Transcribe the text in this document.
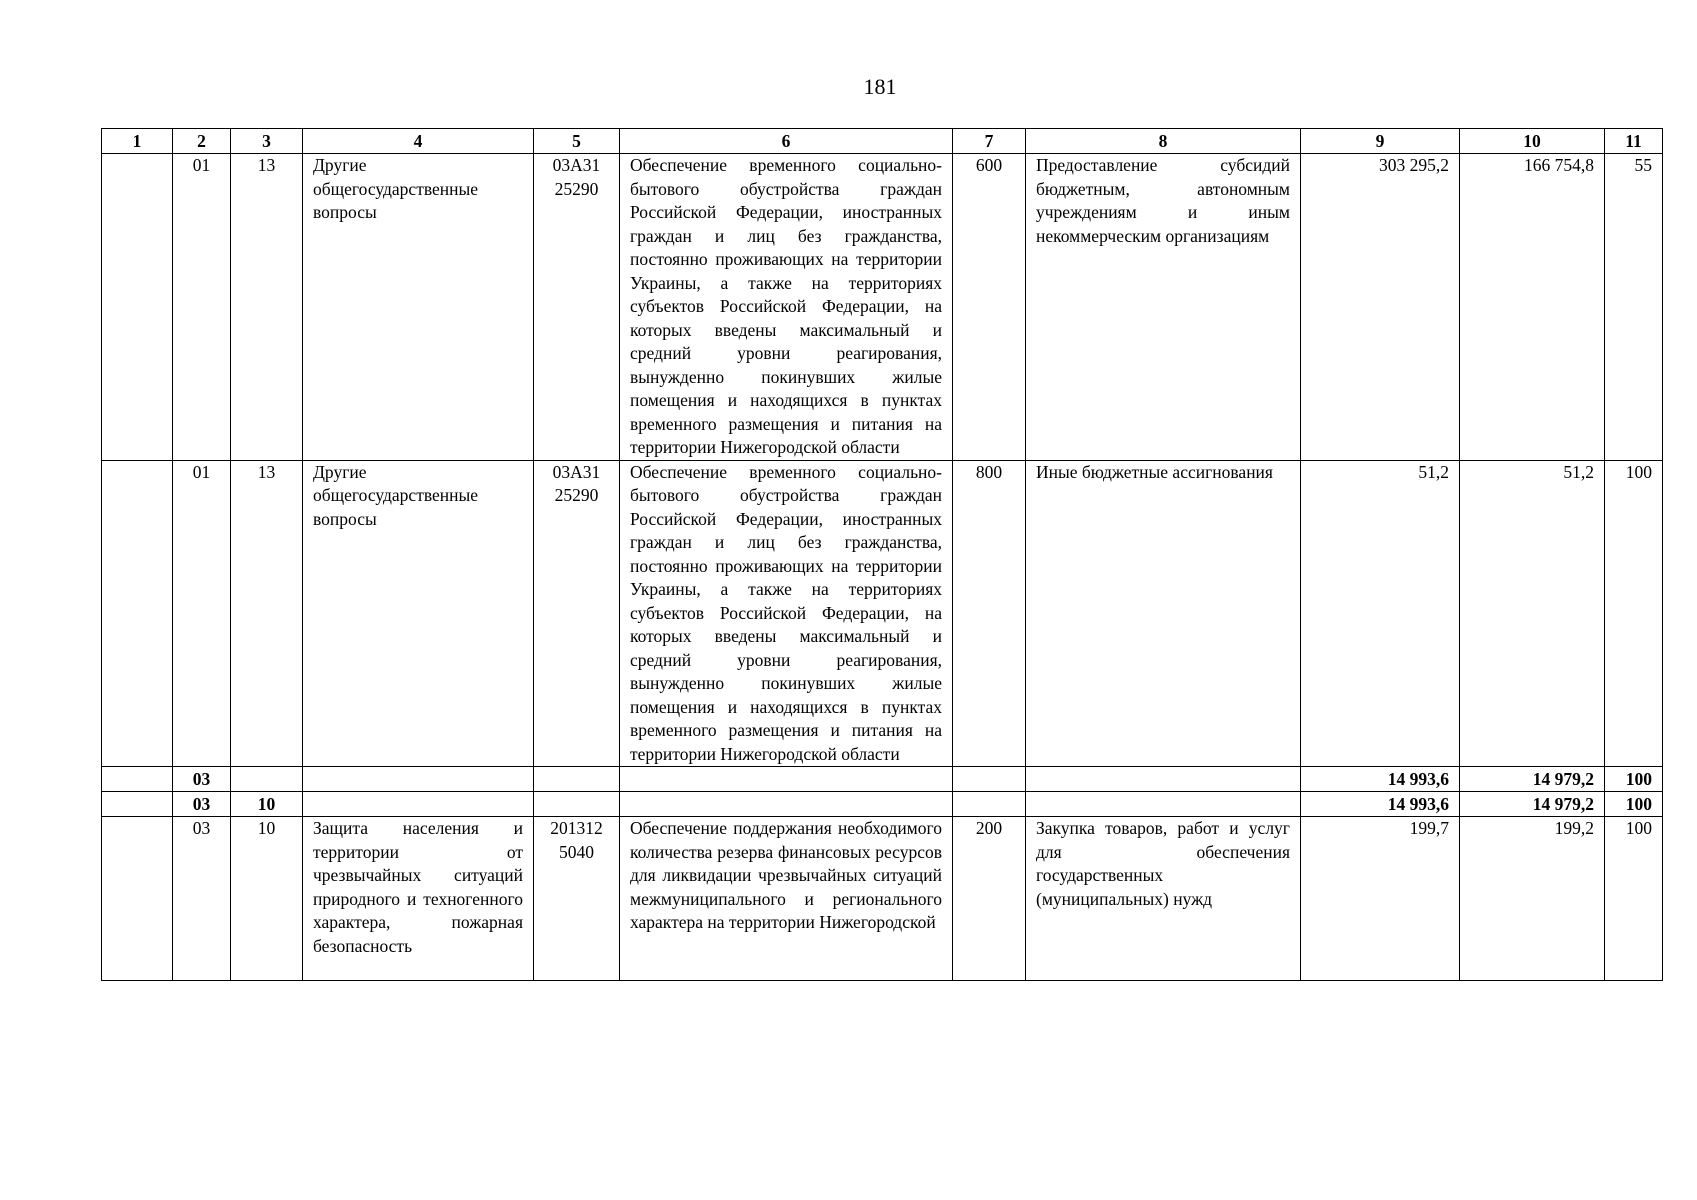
181
1	2	3	4	5	6	7	8	9	10	11
	01	13	Другие общегосударственные вопросы	03А31 25290	Обеспечение временного социально-бытового обустройства граждан Российской Федерации, иностранных граждан и лиц без гражданства, постоянно проживающих на территории Украины, а также на территориях субъектов Российской Федерации, на которых введены максимальный и средний уровни реагирования, вынужденно покинувших жилые помещения и находящихся в пунктах временного размещения и питания на территории Нижегородской области	600	Предоставление субсидий бюджетным, автономным учреждениям и иным некоммерческим организациям	303 295,2	166 754,8	55
	01	13	Другие общегосударственные вопросы	03А31 25290	Обеспечение временного социально-бытового обустройства граждан Российской Федерации, иностранных граждан и лиц без гражданства, постоянно проживающих на территории Украины, а также на территориях субъектов Российской Федерации, на которых введены максимальный и средний уровни реагирования, вынужденно покинувших жилые помещения и находящихся в пунктах временного размещения и питания на территории Нижегородской области	800	Иные бюджетные ассигнования	51,2	51,2	100
	03							14 993,6	14 979,2	100
	03	10						14 993,6	14 979,2	100
	03	10	Защита населения и территории от чрезвычайных ситуаций природного и техногенного характера, пожарная безопасность	201312 5040	Обеспечение поддержания необходимого количества резерва финансовых ресурсов для ликвидации чрезвычайных ситуаций межмуниципального и регионального характера на территории Нижегородской	200	Закупка товаров, работ и услуг для обеспечения государственных (муниципальных) нужд	199,7	199,2	100
